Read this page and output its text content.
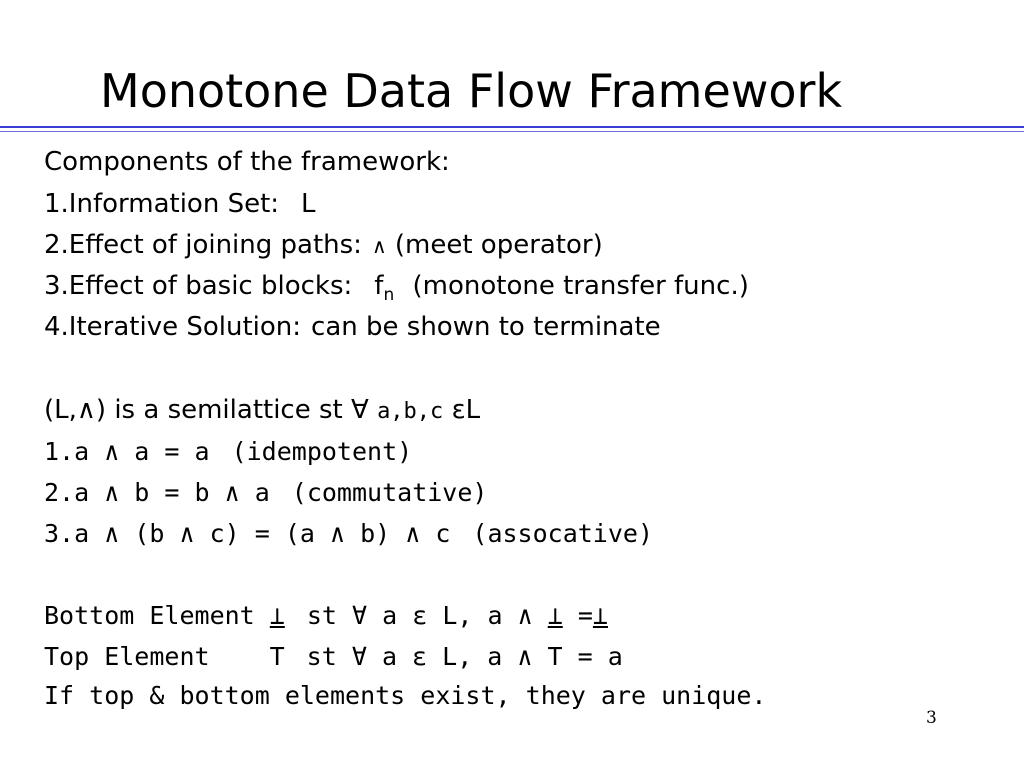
Monotone Data Flow Framework
Components of the framework:
1.Information Set: L
2.Effect of joining paths: ∧ (meet operator)
3.Effect of basic blocks: $f_n$ (monotone transfer func.)
4.Iterative Solution: can be shown to terminate
(L,∧) is a semilattice st ∀ a,b,c εL
1.a ∧ a = a (idempotent)
2.a ∧ b = b ∧ a (commutative)
3.a ∧ (b ∧ c) = (a ∧ b) ∧ c (assocative)
Bottom Element ⊥ st ∀ a ε L, a ∧ ⊥ =⊥
Top Element T st ∀ a ε L, a ∧ T = a
If top & bottom elements exist, they are unique.
3
